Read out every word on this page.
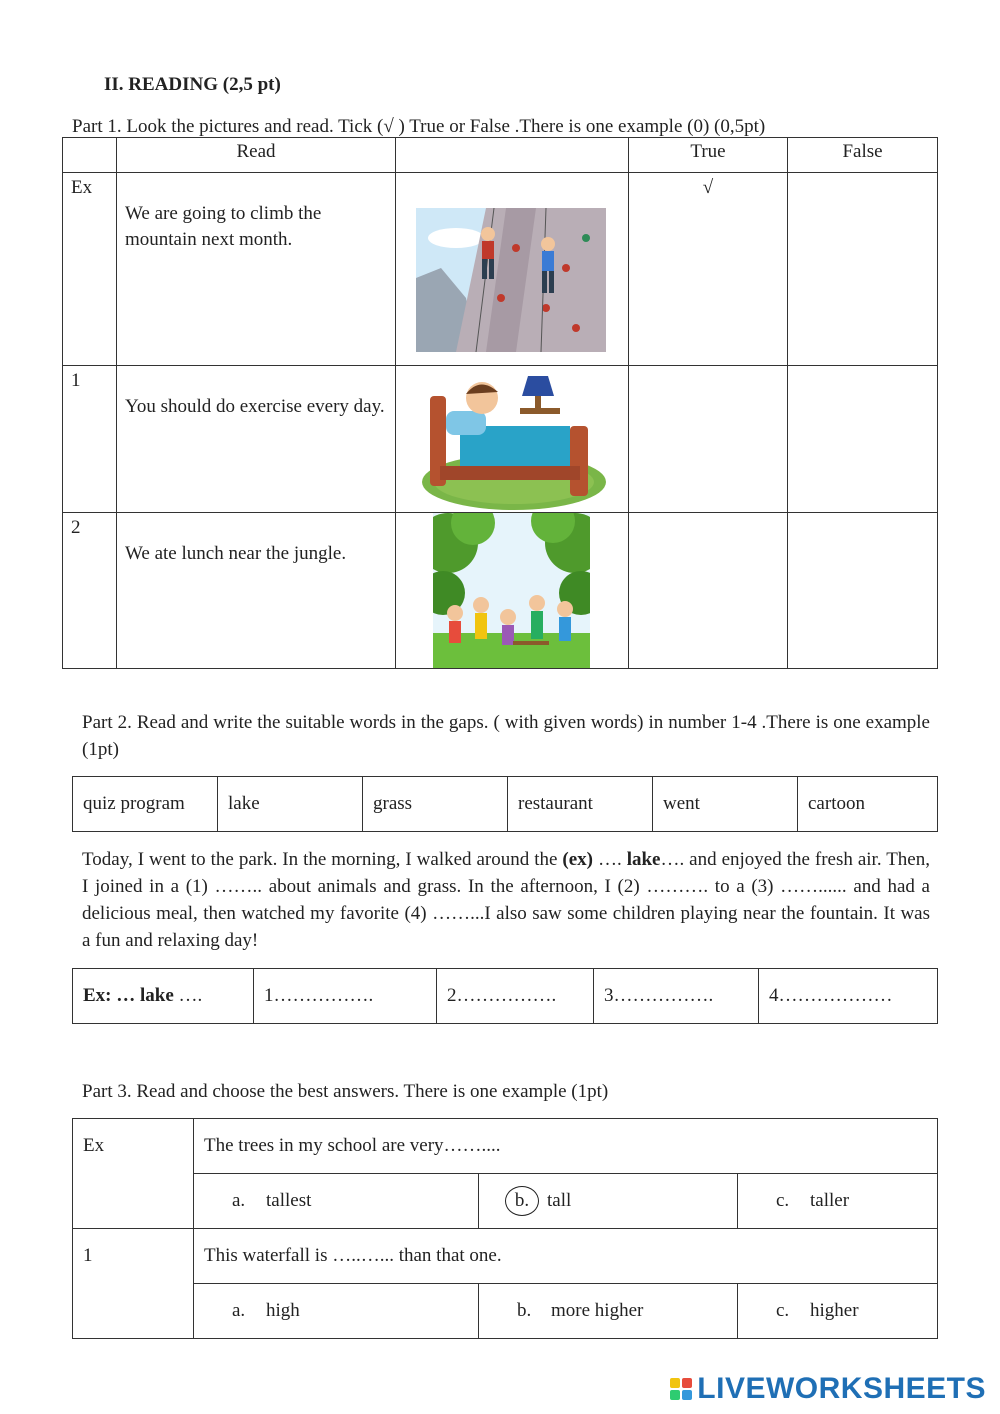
II. READING (2,5 pt)
Part 1. Look the pictures and read. Tick (√ ) True or False .There is one example (0) (0,5pt)
	Read		True	False
Ex	We are going to climb the mountain next month.		√	
1	You should do exercise every day.

2	We ate lunch near the jungle.

Part 2. Read and write the suitable words in the gaps. ( with given words) in number 1-4 .There is one example (1pt)
quiz program	lake	grass	restaurant	went	cartoon
Today, I went to the park. In the morning, I walked around the (ex) …. lake…. and enjoyed the fresh air. Then, I joined in a (1) …….. about animals and grass. In the afternoon, I (2) ………. to a (3) ……...... and had a delicious meal, then watched my favorite (4) ……...I also saw some children playing near the fountain. It was a fun and relaxing day!
Ex: … lake ….	1…………….	2…………….	3…………….	4………………
Part 3. Read and choose the best answers. There is one example (1pt)
Ex	The trees in my school are very……....		
	a. tallest	b. tall	c. taller
1	This waterfall is …..…... than that one.		
	a. high	b. more higher	c. higher
LIVEWORKSHEETS
